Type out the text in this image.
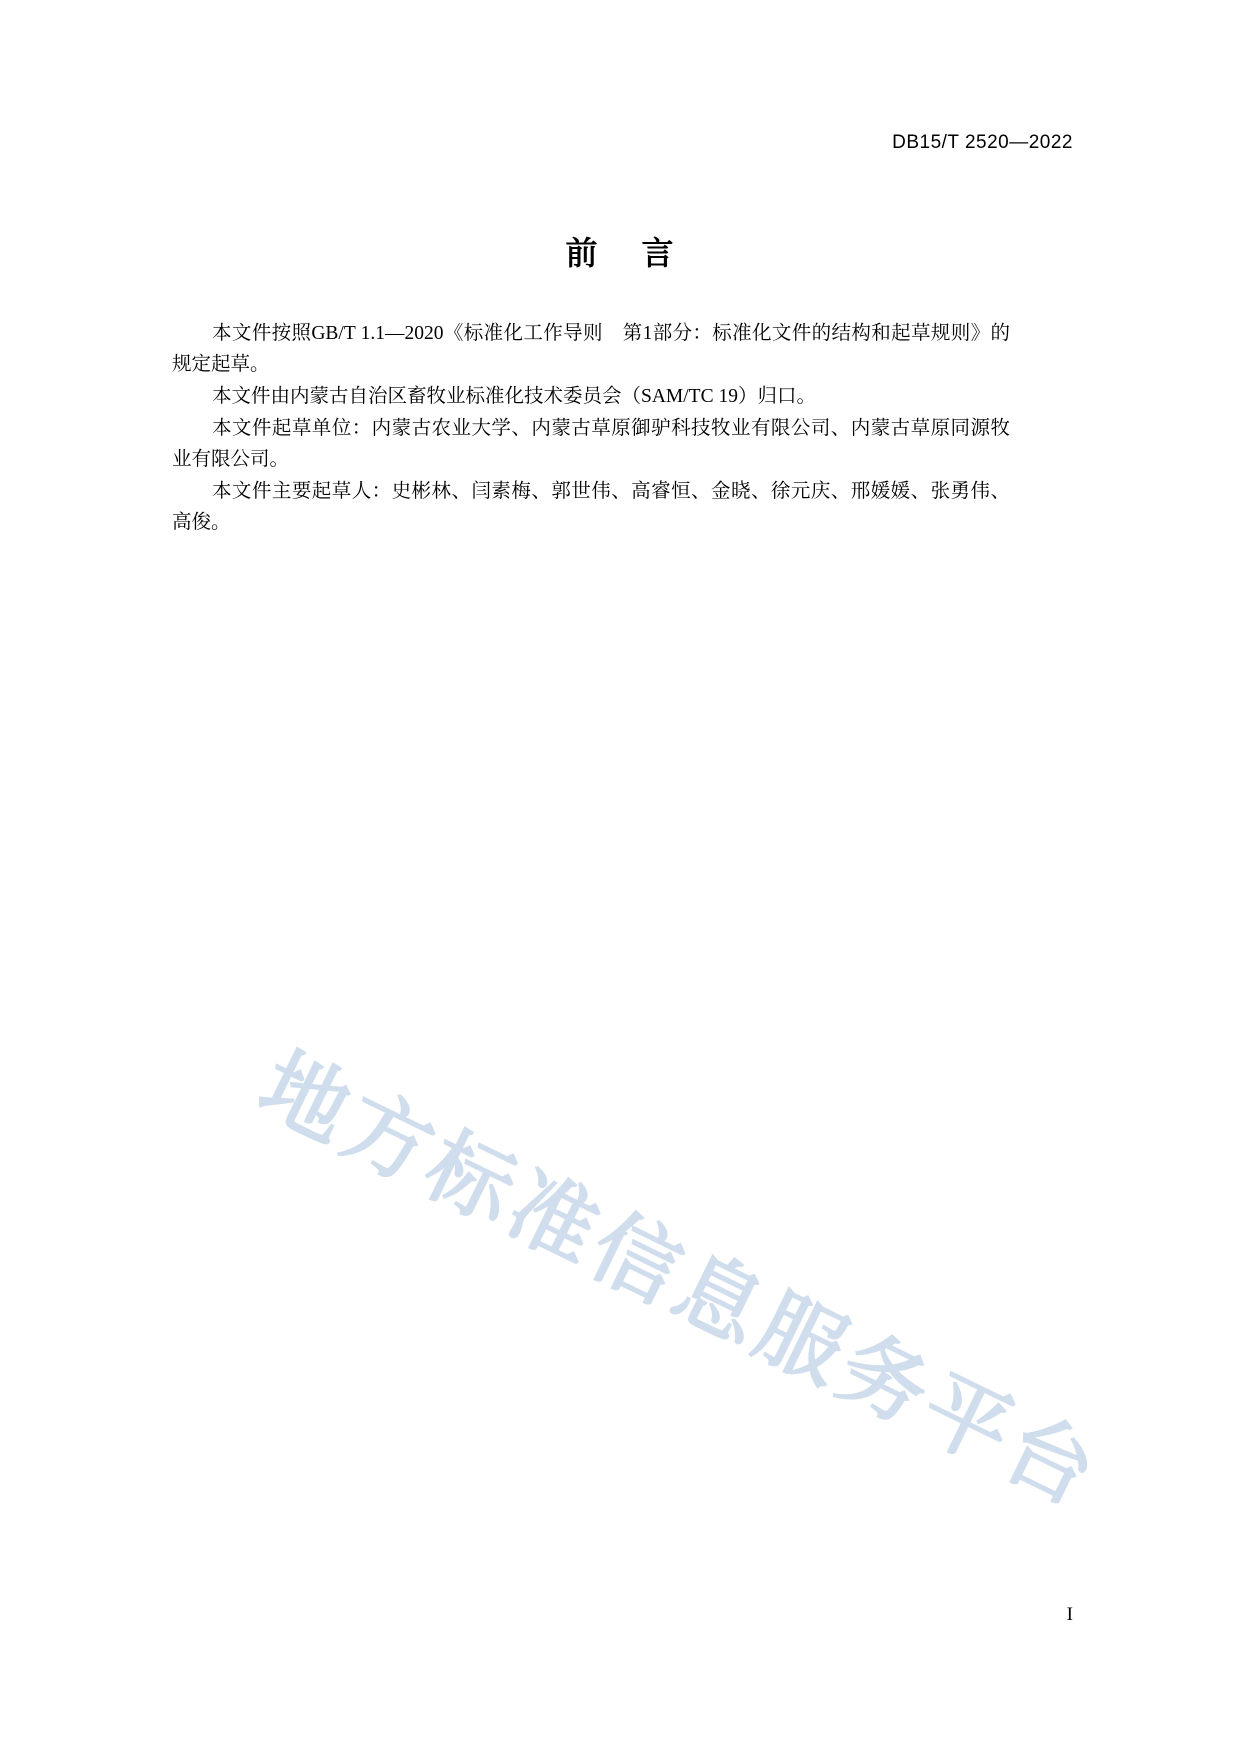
DB15/T 2520—2022
前 言

本文件按照GB/T 1.1—2020《标准化工作导则　第1部分：标准化文件的结构和起草规则》的规定起草。

本文件由内蒙古自治区畜牧业标准化技术委员会（SAM/TC 19）归口。

本文件起草单位：内蒙古农业大学、内蒙古草原御驴科技牧业有限公司、内蒙古草原同源牧业有限公司。

本文件主要起草人：史彬林、闫素梅、郭世伟、高睿恒、金晓、徐元庆、邢媛媛、张勇伟、高俊。

地方标准信息服务平台
I
